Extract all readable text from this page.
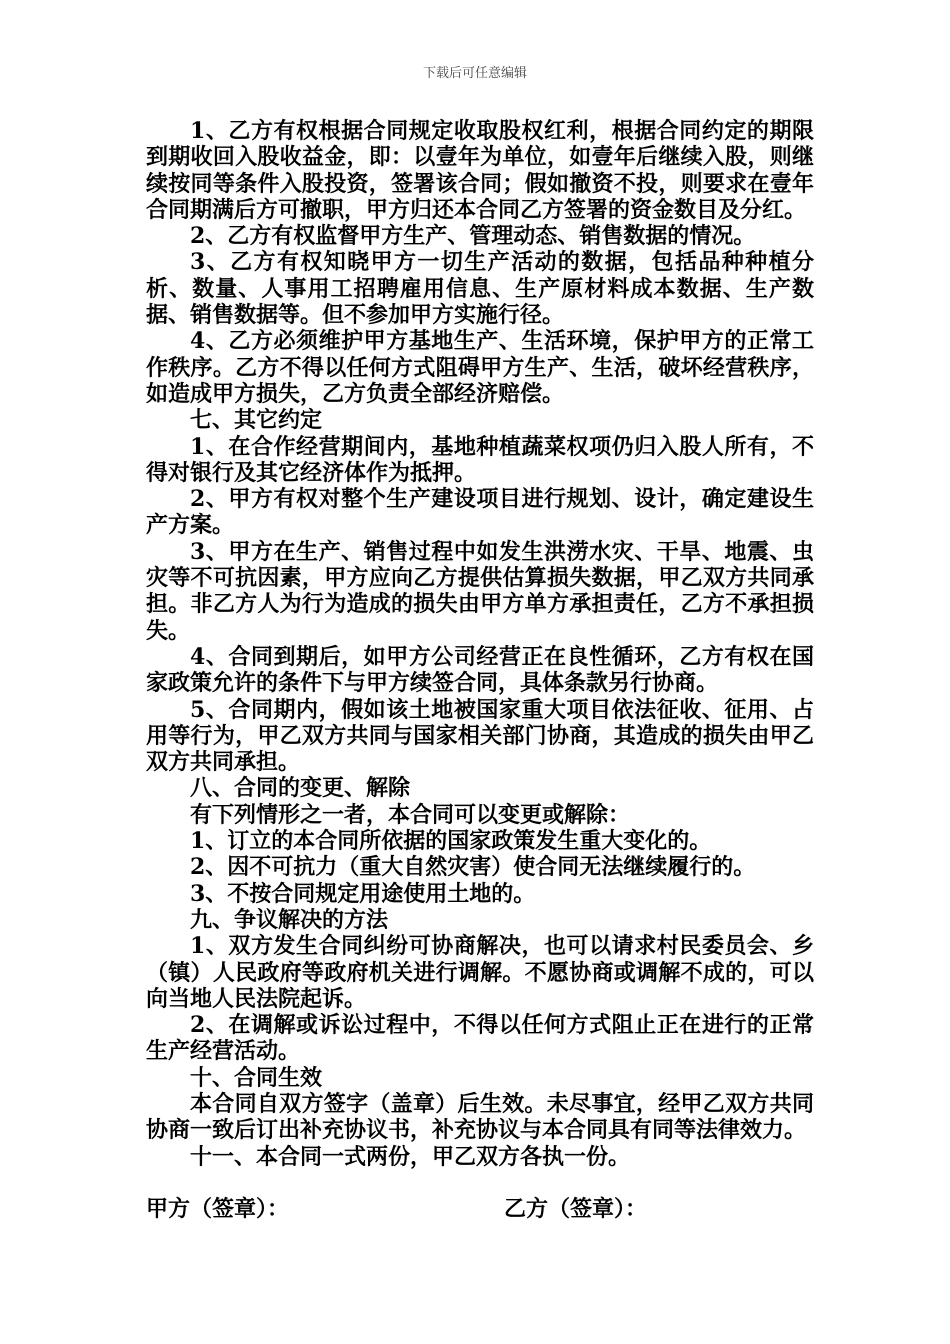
下载后可任意编辑

1、乙方有权根据合同规定收取股权红利，根据合同约定的期限到期收回入股收益金，即：以壹年为单位，如壹年后继续入股，则继续按同等条件入股投资，签署该合同；假如撤资不投，则要求在壹年合同期满后方可撤职，甲方归还本合同乙方签署的资金数目及分红。

2、乙方有权监督甲方生产、管理动态、销售数据的情况。

3、乙方有权知晓甲方一切生产活动的数据，包括品种种植分析、数量、人事用工招聘雇用信息、生产原材料成本数据、生产数据、销售数据等。但不参加甲方实施行径。

4、乙方必须维护甲方基地生产、生活环境，保护甲方的正常工作秩序。乙方不得以任何方式阻碍甲方生产、生活，破坏经营秩序，如造成甲方损失，乙方负责全部经济赔偿。

七、其它约定

1、在合作经营期间内，基地种植蔬菜权项仍归入股人所有，不得对银行及其它经济体作为抵押。

2、甲方有权对整个生产建设项目进行规划、设计，确定建设生产方案。

3、甲方在生产、销售过程中如发生洪涝水灾、干旱、地震、虫灾等不可抗因素，甲方应向乙方提供估算损失数据，甲乙双方共同承担。非乙方人为行为造成的损失由甲方单方承担责任，乙方不承担损失。

4、合同到期后，如甲方公司经营正在良性循环，乙方有权在国家政策允许的条件下与甲方续签合同，具体条款另行协商。

5、合同期内，假如该土地被国家重大项目依法征收、征用、占用等行为，甲乙双方共同与国家相关部门协商，其造成的损失由甲乙双方共同承担。

八、合同的变更、解除

有下列情形之一者，本合同可以变更或解除：

1、订立的本合同所依据的国家政策发生重大变化的。

2、因不可抗力（重大自然灾害）使合同无法继续履行的。

3、不按合同规定用途使用土地的。

九、争议解决的方法

1、双方发生合同纠纷可协商解决，也可以请求村民委员会、乡（镇）人民政府等政府机关进行调解。不愿协商或调解不成的，可以向当地人民法院起诉。

2、在调解或诉讼过程中，不得以任何方式阻止正在进行的正常生产经营活动。

十、合同生效

本合同自双方签字（盖章）后生效。未尽事宜，经甲乙双方共同协商一致后订出补充协议书，补充协议与本合同具有同等法律效力。

十一、本合同一式两份，甲乙双方各执一份。

甲方（签章）：	乙方（签章）：
